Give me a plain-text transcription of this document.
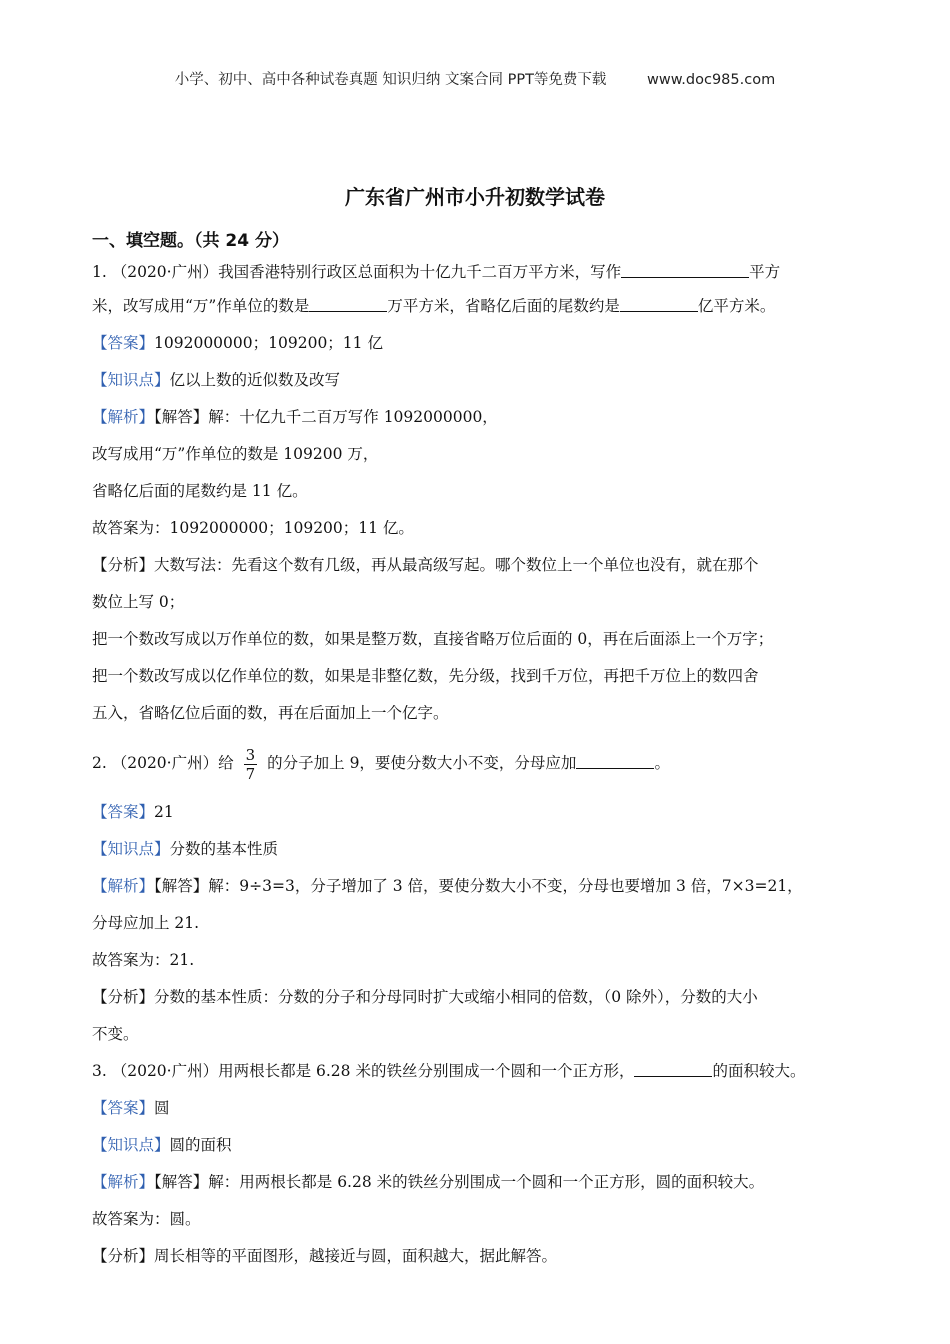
小学、初中、高中各种试卷真题 知识归纳 文案合同 PPT等免费下载	www.doc985.com
广东省广州市小升初数学试卷
一、填空题。（共 24 分）
1. （2020·广州）我国香港特别行政区总面积为十亿九千二百万平方米，写作	平方
米，改写成用“万”作单位的数是	万平方米，省略亿后面的尾数约是	亿平方米。
【答案】1092000000；109200；11 亿
【知识点】亿以上数的近似数及改写
【解析】【解答】解：十亿九千二百万写作 1092000000，
改写成用“万”作单位的数是 109200 万，
省略亿后面的尾数约是 11 亿。
故答案为：1092000000；109200；11 亿。
【分析】大数写法：先看这个数有几级，再从最高级写起。哪个数位上一个单位也没有，就在那个
数位上写 0；
把一个数改写成以万作单位的数，如果是整万数，直接省略万位后面的 0，再在后面添上一个万字；
把一个数改写成以亿作单位的数，如果是非整亿数，先分级，找到千万位，再把千万位上的数四舍
五入，省略亿位后面的数，再在后面加上一个亿字。
2. （2020·广州）给 $\frac{3}{7}$ 的分子加上 9，要使分数大小不变，分母应加	。
【答案】21
【知识点】分数的基本性质
【解析】【解答】解：9÷3=3，分子增加了 3 倍，要使分数大小不变，分母也要增加 3 倍，7×3=21，
分母应加上 21.
故答案为：21.
【分析】分数的基本性质：分数的分子和分母同时扩大或缩小相同的倍数，（0 除外），分数的大小
不变。
3. （2020·广州）用两根长都是 6.28 米的铁丝分别围成一个圆和一个正方形，	的面积较大。
【答案】圆
【知识点】圆的面积
【解析】【解答】解：用两根长都是 6.28 米的铁丝分别围成一个圆和一个正方形，圆的面积较大。
故答案为：圆。
【分析】周长相等的平面图形，越接近与圆，面积越大，据此解答。
